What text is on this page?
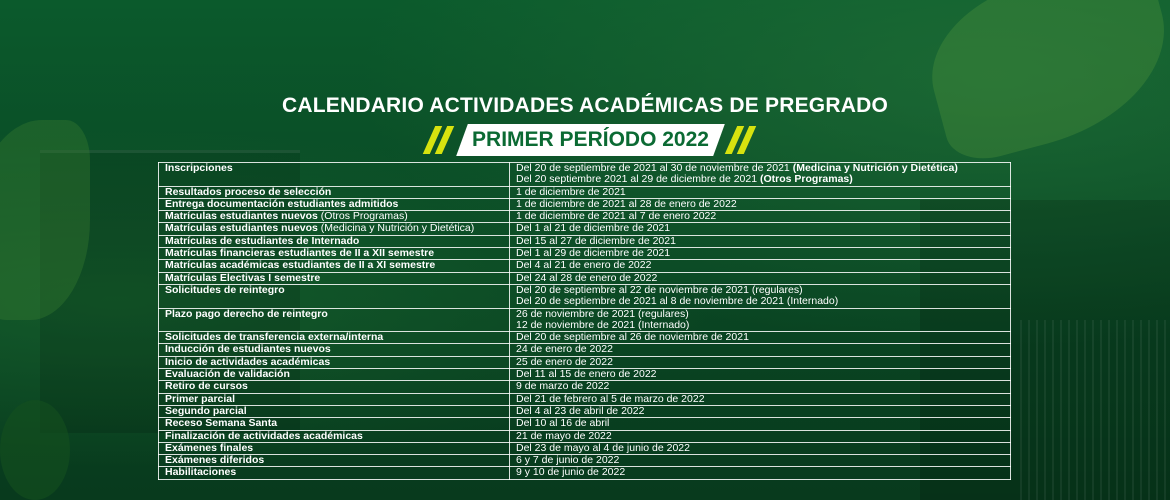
CALENDARIO ACTIVIDADES ACADÉMICAS DE PREGRADO
PRIMER PERÍODO 2022
Inscripciones	Del 20 de septiembre de 2021 al 30 de noviembre de 2021 (Medicina y Nutrición y Dietética)
Del 20 septiembre 2021 al 29 de diciembre de 2021 (Otros Programas)

Resultados proceso de selección	1 de diciembre de 2021

Entrega documentación estudiantes admitidos	1 de diciembre de 2021 al 28 de enero de 2022

Matrículas estudiantes nuevos (Otros Programas)	1 de diciembre de 2021 al 7 de enero 2022

Matrículas estudiantes nuevos (Medicina y Nutrición y Dietética)	Del 1 al 21 de diciembre de 2021

Matrículas de estudiantes de Internado	Del 15 al 27 de diciembre de 2021

Matrículas financieras estudiantes de II a XII semestre	Del 1 al 29 de diciembre de 2021

Matrículas académicas estudiantes de II a XI semestre	Del 4 al 21 de enero de 2022

Matrículas Electivas I semestre	Del 24 al 28 de enero de 2022

Solicitudes de reintegro	Del 20 de septiembre al 22 de noviembre de 2021 (regulares)
Del 20 de septiembre de 2021 al 8 de noviembre de 2021 (Internado)

Plazo pago derecho de reintegro	26 de noviembre de 2021 (regulares)
12 de noviembre de 2021 (Internado)

Solicitudes de transferencia externa/interna	Del 20 de septiembre al 26 de noviembre de 2021

Inducción de estudiantes nuevos	24 de enero de 2022

Inicio de actividades académicas	25 de enero de 2022

Evaluación de validación	Del 11 al 15 de enero de 2022

Retiro de cursos	9 de marzo de 2022

Primer parcial	Del 21 de febrero al 5 de marzo de 2022

Segundo parcial	Del 4 al 23 de abril de 2022

Receso Semana Santa	Del 10 al 16 de abril

Finalización de actividades académicas	21 de mayo de 2022

Exámenes finales	Del 23 de mayo al 4 de junio de 2022

Exámenes diferidos	6 y 7 de junio de 2022

Habilitaciones	9 y 10 de junio de 2022
